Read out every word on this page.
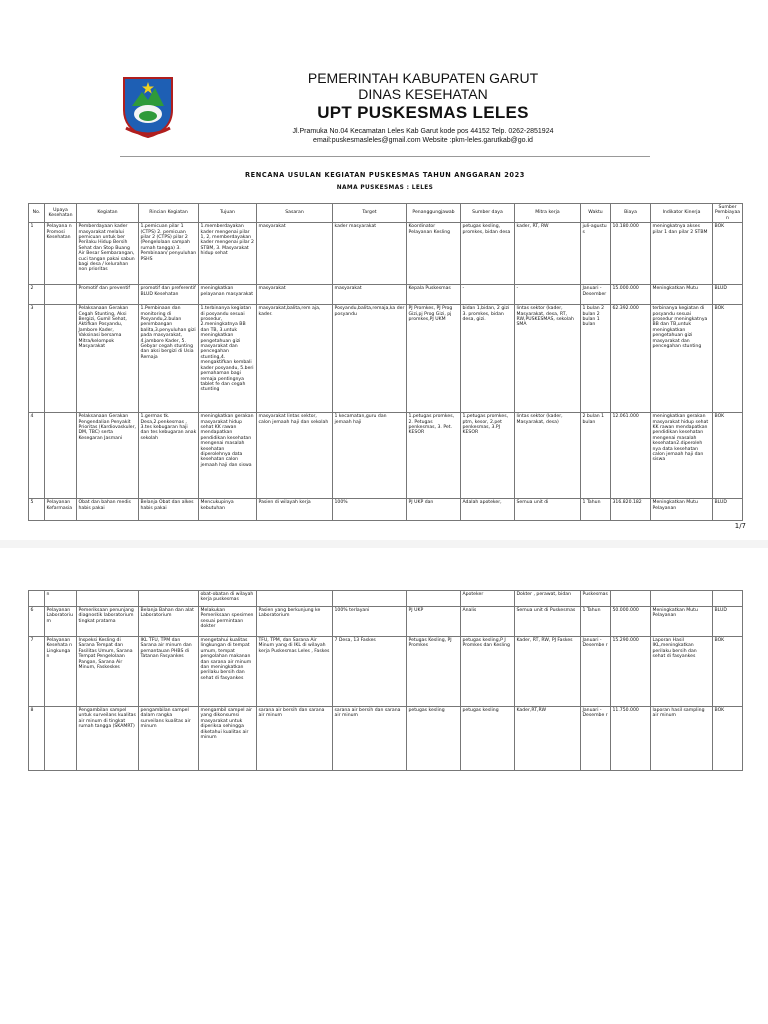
PEMERINTAH KABUPATEN GARUT
DINAS KESEHATAN
UPT PUSKESMAS LELES
Jl.Pramuka No.04 Kecamatan Leles Kab Garut kode pos 44152 Telp. 0262-2851924
email:puskesmasleles@gmail.com Website :pkm-leles.garutkab@go.id
RENCANA USULAN KEGIATAN PUSKESMAS TAHUN ANGGARAN 2023
NAMA PUSKESMAS : LELES
No.	Upaya Kesehatan	Kegiatan	Rincian Kegiatan	Tujuan	Sasaran	Target	Penanggungjawab	Sumber daya	Mitra kerja	Waktu	Biaya	Indikator Kinerja	Sumber Pembiayaan
1	Pelayana n Promosi Kesehatan	Pemberdayaan kader masyarakat melalui pemicuan untuk ber Perilaku Hidup Bersih Sehat dan Stop Buang Air Besar Sembarangan, cuci tangan pakai sabun bagi desa / kelurahan non prioritas	1.pemicuan pilar 1 (CTPS) 2. pemicuan pilar 2 (CTPS) pilar 2 (Pengelolaan sampah rumah tangga) 3. Pembinaan/ penyuluhan PSHS	1.memberdayakan kader mengenai pilar 1, 2, memberdayakan kader mengenai pilar 2 STBM, 3. Masyarakat hidup sehat	masyarakat	kader masyarakat	Koordinator Pelayanan Kesling	petugas kesling, promkes, bidan desa	kader, RT, RW	juli-agustu s	10.180.000	meningkatnya akses pilar 1 dan pilar 2 STBM	BOK
2		Promotif dan preventif	promotif dan preferentif BLUD Kesehatan	meningkatkan pelayanan masyarakat	masyarakat	masyarakat	Kepala Puskesmas	-	-	Januari - Desember	15.000.000	Meningkatkan Mutu	BLUD
3		Pelaksanaan Gerakan Cegah Stunting, Aksi Bergizi, Gumil Sehat, Aktifkan Posyandu, Jambore Kader, Vaksinasi bersama Mitra/kelompok Masyarakat	1.Pembinaan dan monitoring di Posyandu,2.bulan penimbangan balita,3.penyuluhan gizi pada masyarakat, 4.jambore Kader, 5. Gebyar cegah stunting dan aksi bergizi di Usia Remaja	1.terbinanya kegiatan di posyandu sesuai prosedur, 2.meningkatnya BB dan TB, 3.untuk meningkatkan pengetahuan gizi masyarakat dan pencegahan stunting,4. mengaktifkan kembali kader posyandu, 5.beri pemahaman bagi remaja pentingnya tablet fe dan cegah stunting	masyarakat,balita,rem aja, kader.	Posyandu,balita,remaja,ka der posyandu	PJ Promkes, PJ Prog Gizi,pj Prog Gizi, pj promkes,PJ UKM	bidan 1,bidan, 2 gizi 3. promkes, bidan desa, gizi.	lintas sektor (kader, Masyarakat, desa, RT, RW,PUSKESMAS, sekolah SMA	1 bulan 2 bulan 2 bulan 1 bulan	62.392.000	terbinanya kegiatan di posyandu sesuai prosedur meningkatnya BB dan TB,untuk meningkatkan pengetahuan gizi masyarakat dan pencegahan stunting	BOK
4		Pelaksanaan Gerakan Pengendalian Penyakit Prioritas (Kardiovaskuler, DM, TBC) serta Kesegaran Jasmani	1.germas tk. Desa,2.penkesmas , 3.tes kebugaran haji dan tes kebugaran anak sekolah	meningkatkan gerakan masyarakat hidup sehat KK rawan mendapatkan pendidikan kesehatan mengenai masalah kesehatan diperolehnya data kesehatan calon jemaah haji dan siswa	masyarakat lintas sektor, calon jemaah haji dan sekolah	1 kecamatan,guru dan jemaah haji	1.petugas promkes, 2. Petugas penkesmas, 3. Pet. KESOR	1.petugas promkes, ptm, kesor, 2.pet penkesmas, 3.PJ KESOR	lintas sektor (kader, Masyarakat, desa)	2 bulan 1 bulan	12.061.000	meningkatkan gerakan masyarakat hidup sehat KK rawan mendapatkan pendidikan kesehatan mengenai masalah kesehatan2.diperoleh nya data kesehatan calon jemaah haji dan siswa	BOK
5	Pelayanan Kefarmasia	Obat dan bahan medis habis pakai	Belanja Obat dan alkes habis pakai	Mencukupinya kebutuhan	Pasien di wilayah kerja	100%	PJ UKP dan	Adalah apoteker,	Semua unit di	1 Tahun	316.820.182	Meningkatkan Mutu Pelayanan	BLUD
1/7
	n			obat-obatan di wilayah kerja puskesmas				Apoteker	Dokter , perawat, bidan	Puskesmas			
6	Pelayanan Laboratoriu m	Pemeriksaan penunjang diagnostik laboratorium tingkat pratama	Belanja Bahan dan alat Laboratorium	Melakukan Pemeriksaan spesimen sesuai permintaan dokter	Pasien yang berkunjung ke Laboratorium	100% terlayani	PJ UKP	Analis	Semua unit di Puskesmas	1 Tahun	50.000.000	Meningkatkan Mutu Pelayanan	BLUD
7	Pelayanan Kesehata n Lingkunga n	Inspeksi Kesling di Sarana Tempat dan Fasilitas Umum, Sarana Tempat Pengelolaan Pangan, Sarana Air Minum, Faskeskes	IKL TFU, TPM dan Sarana air minum dan pemantauan PHBS di Tatanan Fasyankes	mengetahui kualitas lingkungan di tempat umum, tempat pengolahan makanan dan sarana air minum dan meningkatkan perilaku bersih dan sehat di fasyankes	TFU, TPM, dan Sarana Air Minum yang di IKL di wilayah kerja Puskesmas Leles , Faskes	7 Desa, 13 Faskes	Petugas Kesling, PJ Promkes	petugas kesling,P J Promkes dan Kesling	Kader, RT, RW, PJ Faskes	Januari - Desembe r	15.290.000	Laporan Hasil IKL,meningkatkan perilaku bersih dan sehat di fasyankes	BOK
8		Pengambilan sampel untuk surveilans kualitas air minum di tingkat rumah tangga (SKAMRT)	pengambilan sampel dalam rangka surveilans kualitas air minum	mengambil sampel air yang dikonsumsi masyarakat untuk diperiksa sehingga diketahui kualitas air minum	sarana air bersih dan sarana air minum	sarana air bersih dan sarana air minum	petugas kesling	petugas kesling	Kader,RT,RW	Januari - Desembe r	11.750.000	laporan hasil sampling air minum	BOK
